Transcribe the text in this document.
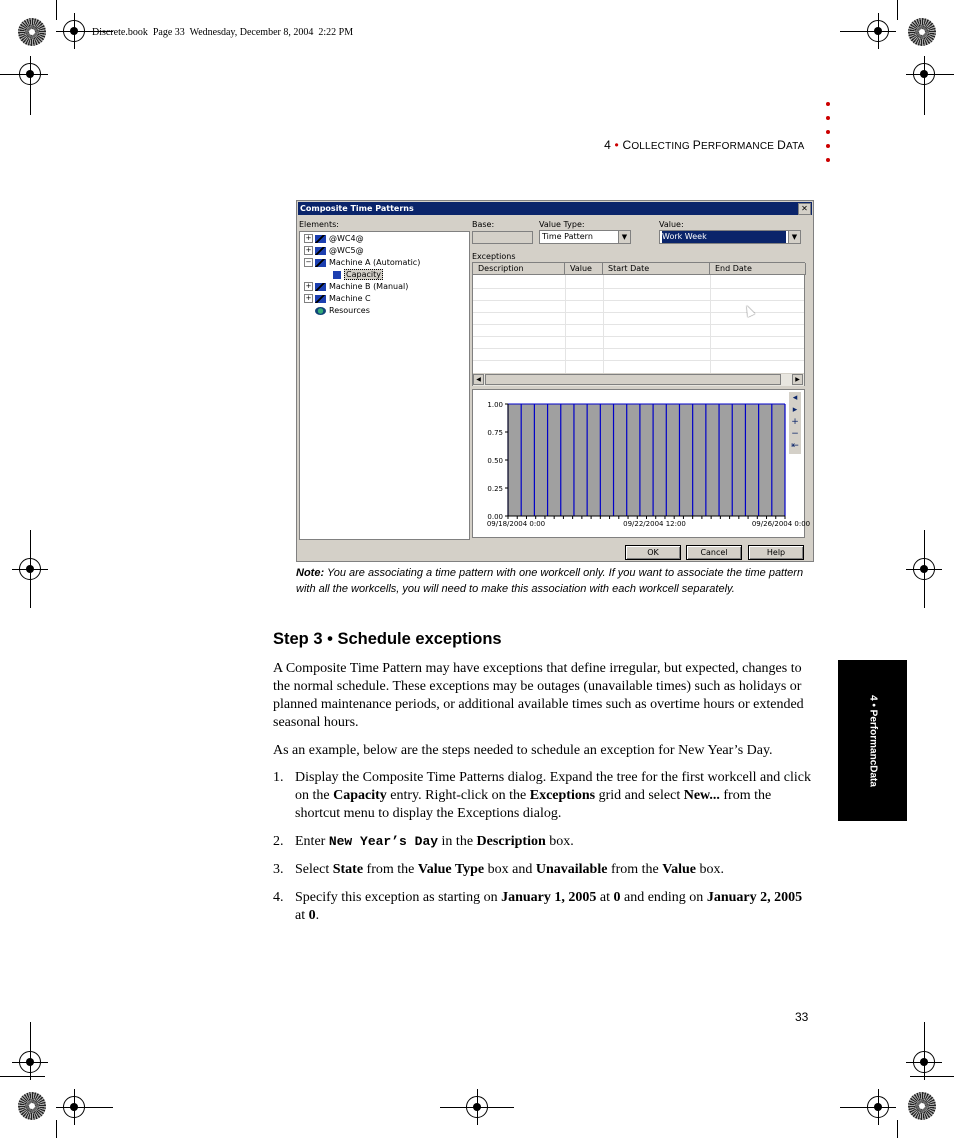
Discrete.book  Page 33  Wednesday, December 8, 2004  2:22 PM

4 • COLLECTING PERFORMANCE DATA

4 • PerformancData
Composite Time Patterns	✕
Elements:
+ @WC4@
+ @WC5@
− Machine A (Automatic)
Capacity
+ Machine B (Manual)
+ Machine C
Resources
Base:	Value Type:
Time Pattern	▼
Value:
Work Week	▼
Exceptions
Description	Value	Start Date	End Date
◀	▶
1.00
0.75
0.50
0.25
0.00
09/18/2004 0:00	09/22/2004 12:00	09/26/2004 0:00
◂
▸
+
−
⇤
OK	Cancel	Help
Note: You are associating a time pattern with one workcell only. If you want to associate the time pattern with all the workcells, you will need to make this association with each workcell separately.
Step 3 • Schedule exceptions
A Composite Time Pattern may have exceptions that define irregular, but expected, changes to the normal schedule. These exceptions may be outages (unavailable times) such as holidays or planned maintenance periods, or additional available times such as overtime hours or extended seasonal hours.
As an example, below are the steps needed to schedule an exception for New Year’s Day.
1. Display the Composite Time Patterns dialog. Expand the tree for the first workcell and click on the Capacity entry. Right-click on the Exceptions grid and select New... from the shortcut menu to display the Exceptions dialog.
2. Enter New Year’s Day in the Description box.
3. Select State from the Value Type box and Unavailable from the Value box.
4. Specify this exception as starting on January 1, 2005 at 0 and ending on January 2, 2005 at 0.
33
